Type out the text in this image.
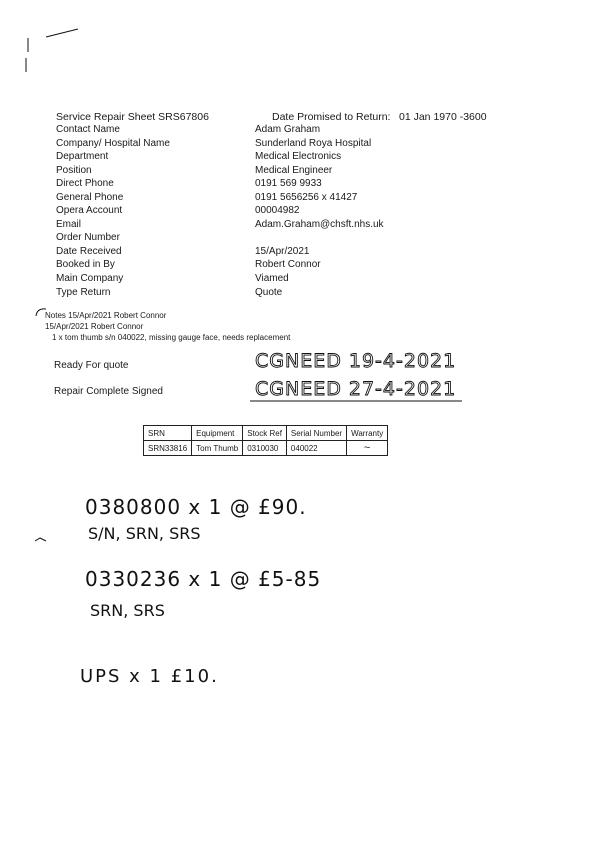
Service Repair Sheet SRS67806	Date Promised to Return: 01 Jan 1970 -3600
Contact Name	Adam Graham
Company/ Hospital Name	Sunderland Roya Hospital
Department	Medical Electronics
Position	Medical Engineer
Direct Phone	0191 569 9933
General Phone	0191 5656256 x 41427
Opera Account	00004982
Email	Adam.Graham@chsft.nhs.uk
Order Number
Date Received	15/Apr/2021
Booked in By	Robert Connor
Main Company	Viamed
Type Return	Quote
Notes 15/Apr/2021 Robert Connor
15/Apr/2021 Robert Connor
1 x tom thumb s/n 040022, missing gauge face, needs replacement
Ready For quote	CGNEED 19-4-2021
Repair Complete Signed	CGNEED 27-4-2021
SRN	Equipment	Stock Ref	Serial Number	Warranty
SRN33816	Tom Thumb	0310030	040022	~
0380800 x 1 @ £90.
S/N, SRN, SRS
0330236 x 1 @ £5-85
SRN, SRS
UPS x 1 £10.
